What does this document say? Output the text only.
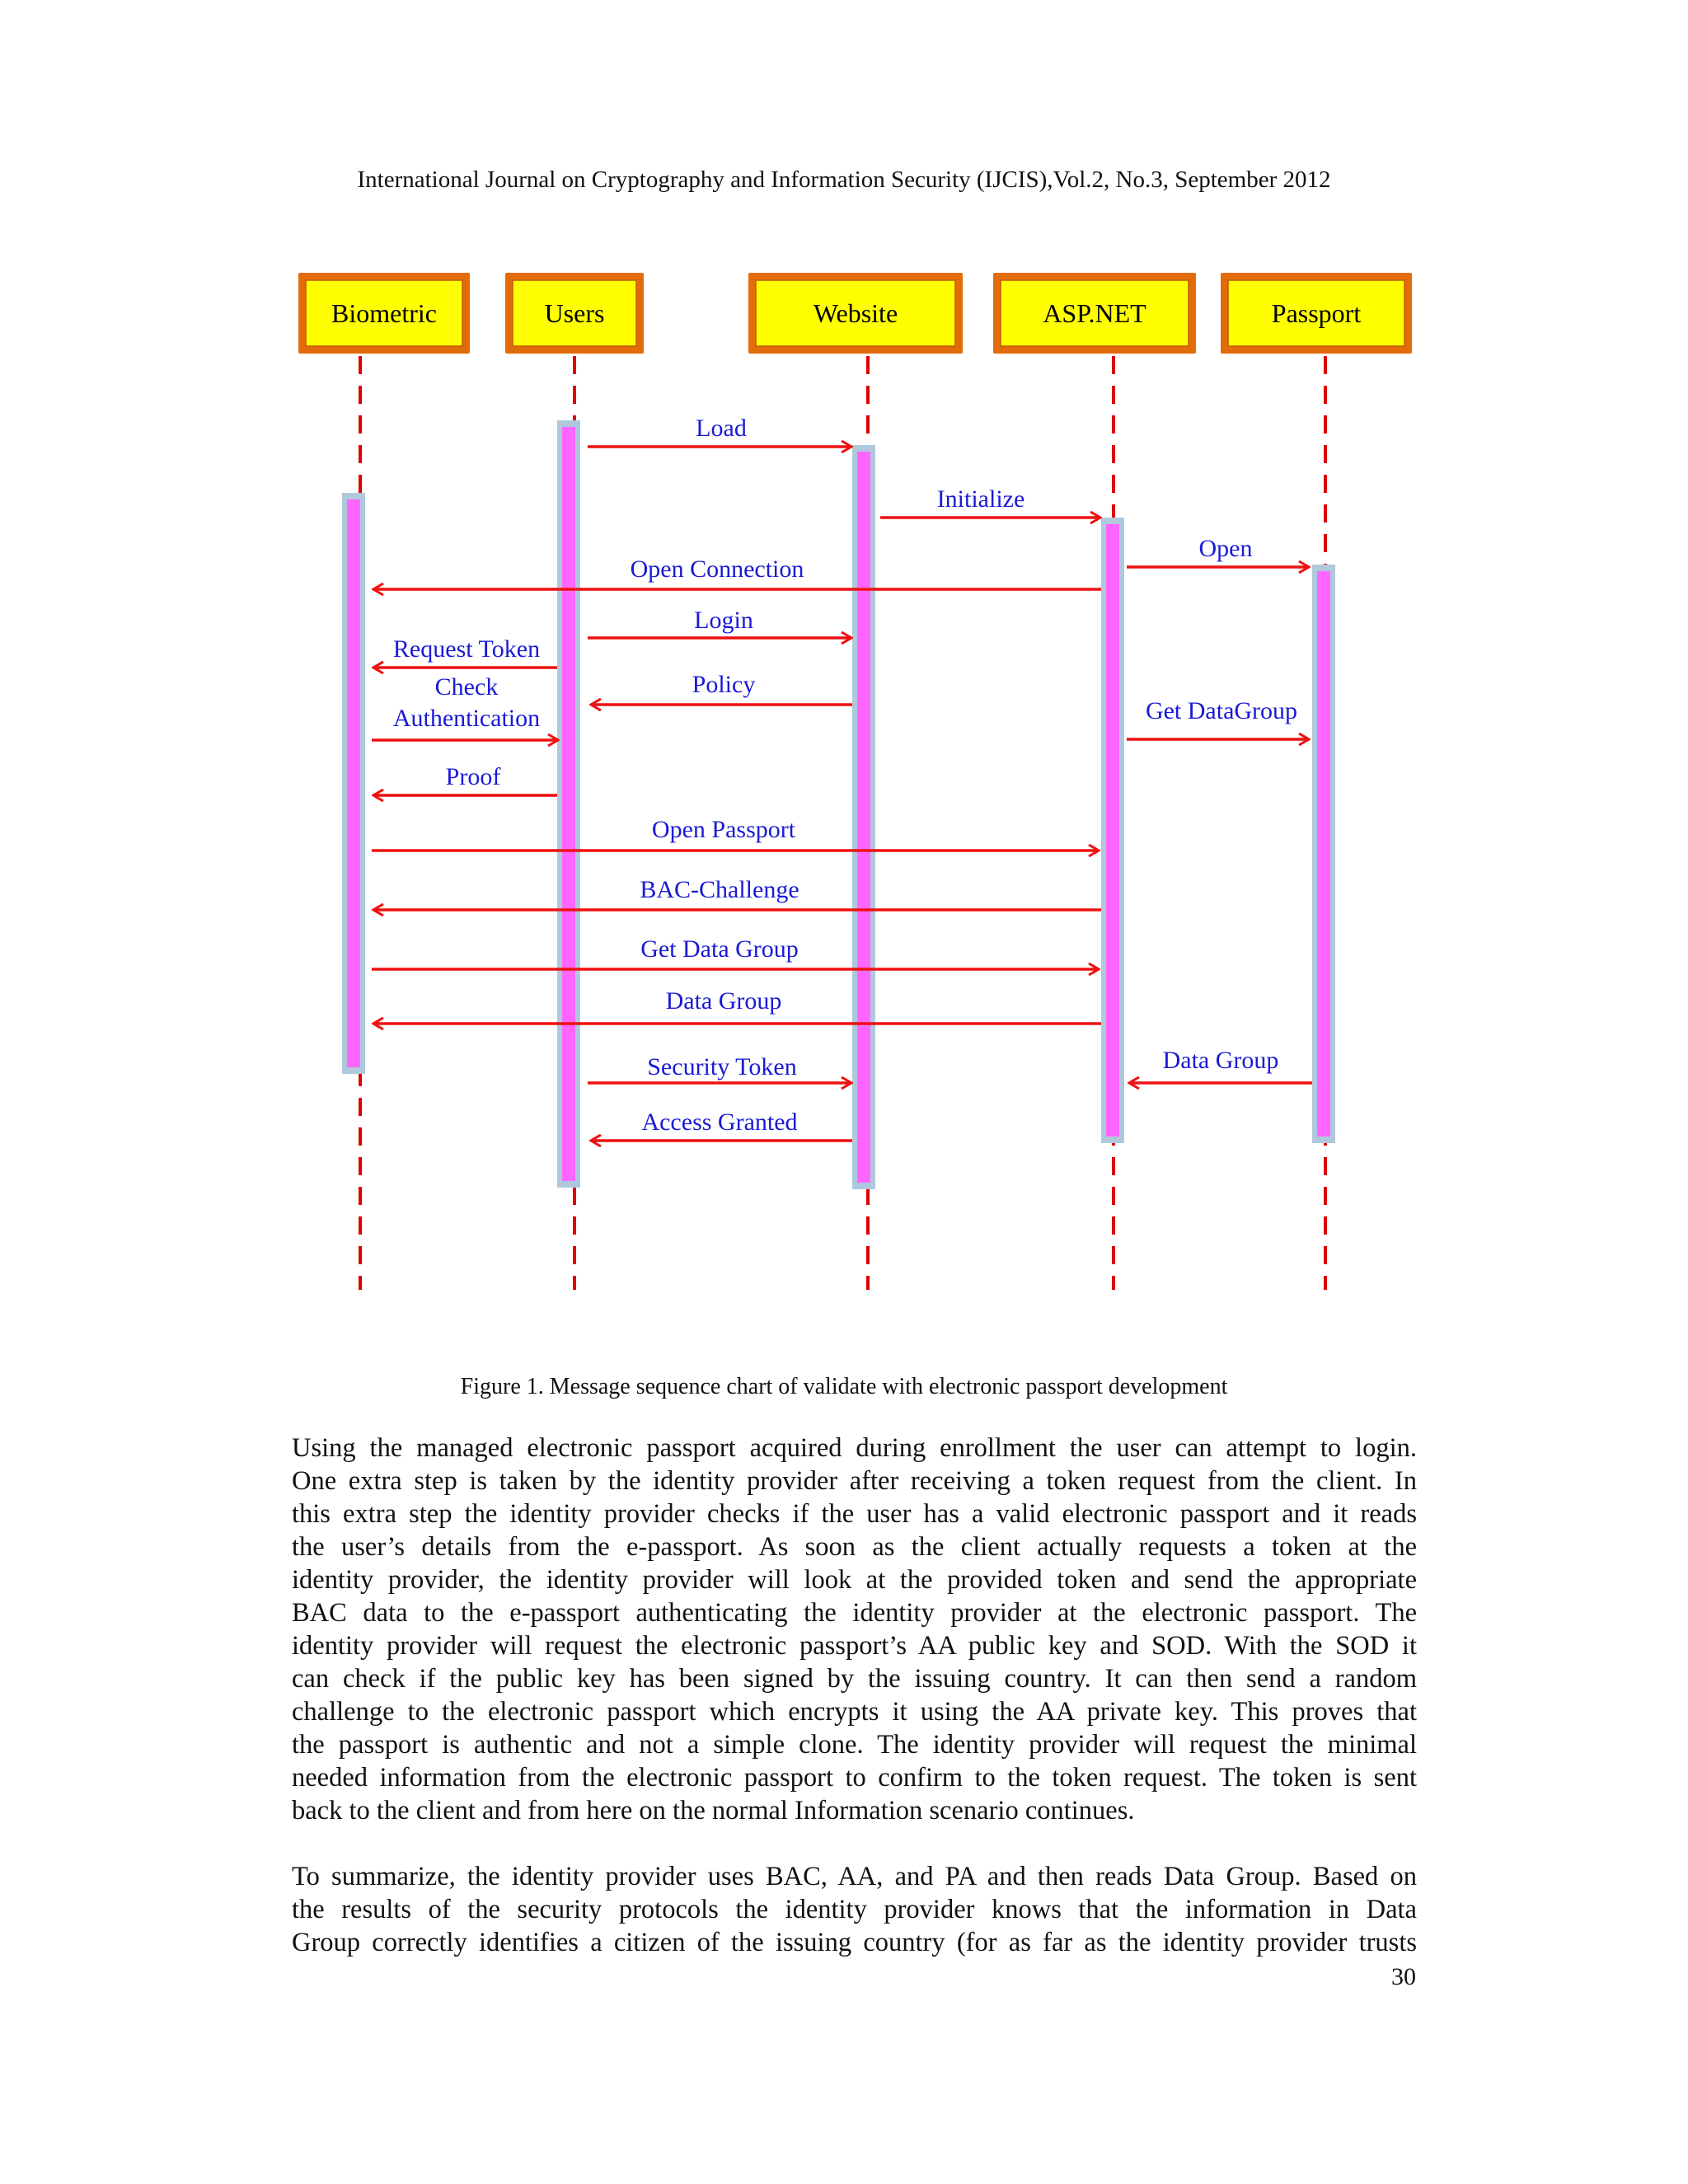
International Journal on Cryptography and Information Security (IJCIS),Vol.2, No.3, September 2012
Biometric	Users	Website	ASP.NET	Passport
Load
Initialize
Open
Open Connection
Login
Request Token
Policy
Check Authentication	Get DataGroup
Proof
Open Passport
BAC-Challenge
Get Data Group
Data Group
Security Token	Data Group
Access Granted
Figure 1. Message sequence chart of validate with electronic passport development
Using the managed electronic passport acquired during enrollment the user can attempt to login.
One extra step is taken by the identity provider after receiving a token request from the client. In
this extra step the identity provider checks if the user has a valid electronic passport and it reads
the user’s details from the e-passport. As soon as the client actually requests a token at the
identity provider, the identity provider will look at the provided token and send the appropriate
BAC data to the e-passport authenticating the identity provider at the electronic passport. The
identity provider will request the electronic passport’s AA public key and SOD. With the SOD it
can check if the public key has been signed by the issuing country. It can then send a random
challenge to the electronic passport which encrypts it using the AA private key. This proves that
the passport is authentic and not a simple clone. The identity provider will request the minimal
needed information from the electronic passport to confirm to the token request. The token is sent
back to the client and from here on the normal Information scenario continues.
To summarize, the identity provider uses BAC, AA, and PA and then reads Data Group. Based on
the results of the security protocols the identity provider knows that the information in Data
Group correctly identifies a citizen of the issuing country (for as far as the identity provider trusts
30
